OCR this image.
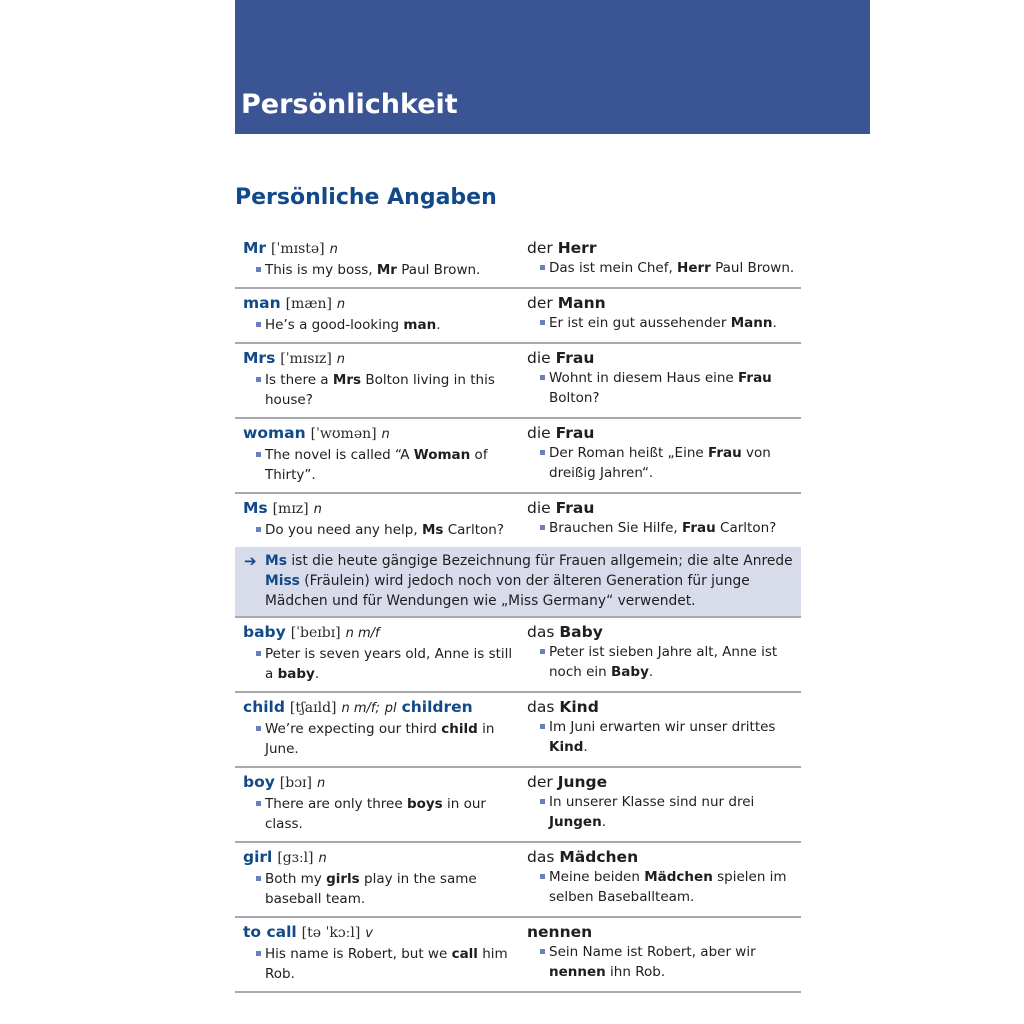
Persönlichkeit
Persönliche Angaben
Mr [ˈmɪstə] n
This is my boss, Mr Paul Brown.
der Herr
Das ist mein Chef, Herr Paul Brown.
man [mæn] n
He’s a good-looking man.
der Mann
Er ist ein gut aussehender Mann.
Mrs [ˈmɪsɪz] n
Is there a Mrs Bolton living in this house?
die Frau
Wohnt in diesem Haus eine Frau Bolton?
woman [ˈwʊmən] n
The novel is called “A Woman of Thirty”.
die Frau
Der Roman heißt „Eine Frau von dreißig Jahren“.
Ms [mɪz] n
Do you need any help, Ms Carlton?
die Frau
Brauchen Sie Hilfe, Frau Carlton?
➔ Ms ist die heute gängige Bezeichnung für Frauen allgemein; die alte Anrede Miss (Fräulein) wird jedoch noch von der älteren Generation für junge Mädchen und für Wendungen wie „Miss Germany“ verwendet.
baby [ˈbeɪbɪ] n m/f
Peter is seven years old, Anne is still a baby.
das Baby
Peter ist sieben Jahre alt, Anne ist noch ein Baby.
child [tʃaɪld] n m/f; pl children
We’re expecting our third child in June.
das Kind
Im Juni erwarten wir unser drittes Kind.
boy [bɔɪ] n
There are only three boys in our class.
der Junge
In unserer Klasse sind nur drei Jungen.
girl [gɜːl] n
Both my girls play in the same baseball team.
das Mädchen
Meine beiden Mädchen spielen im selben Baseballteam.
to call [tə ˈkɔːl] v
His name is Robert, but we call him Rob.
nennen
Sein Name ist Robert, aber wir nennen ihn Rob.
